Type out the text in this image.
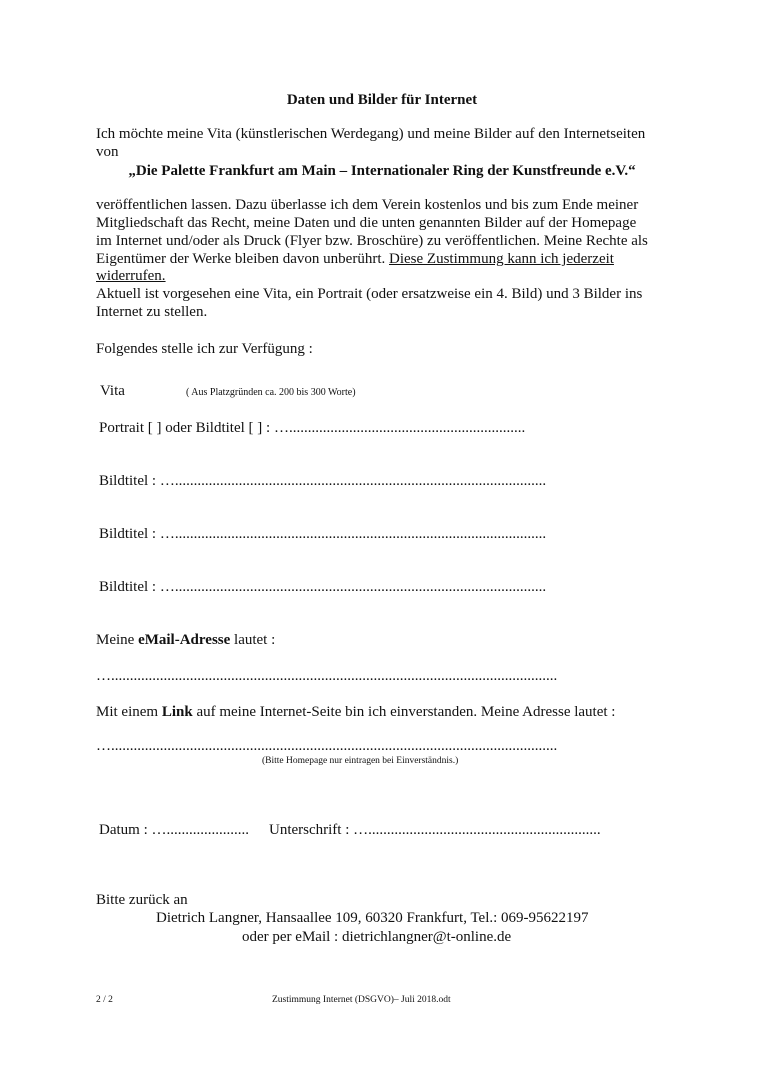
Daten und Bilder für Internet
Ich möchte meine Vita (künstlerischen Werdegang) und meine Bilder auf den Internetseiten
von
„Die Palette Frankfurt am Main – Internationaler Ring der Kunstfreunde e.V.“
veröffentlichen lassen. Dazu überlasse ich dem Verein kostenlos und bis zum Ende meiner
Mitgliedschaft das Recht, meine Daten und die unten genannten Bilder auf der Homepage
im Internet und/oder als Druck (Flyer bzw. Broschüre) zu veröffentlichen. Meine Rechte als
Eigentümer der Werke bleiben davon unberührt. Diese Zustimmung kann ich jederzeit
widerrufen.
Aktuell ist vorgesehen eine Vita, ein Portrait (oder ersatzweise ein 4. Bild) und 3 Bilder ins
Internet zu stellen.
Folgendes stelle ich zur Verfügung :
Vita	( Aus Platzgründen ca. 200 bis 300 Worte)
Portrait [ ] oder Bildtitel [ ] : …...............................................................
Bildtitel : …...................................................................................................
Bildtitel : …...................................................................................................
Bildtitel : …...................................................................................................
Meine eMail-Adresse lautet :
….......................................................................................................................
Mit einem Link auf meine Internet-Seite bin ich einverstanden. Meine Adresse lautet :
….......................................................................................................................
(Bitte Homepage nur eintragen bei Einverständnis.)
Datum : …...................... Unterschrift : …..............................................................
Bitte zurück an
Dietrich Langner, Hansaallee 109, 60320 Frankfurt, Tel.: 069-95622197
oder per eMail : dietrichlangner@t-online.de
2 / 2	Zustimmung Internet (DSGVO)– Juli 2018.odt
